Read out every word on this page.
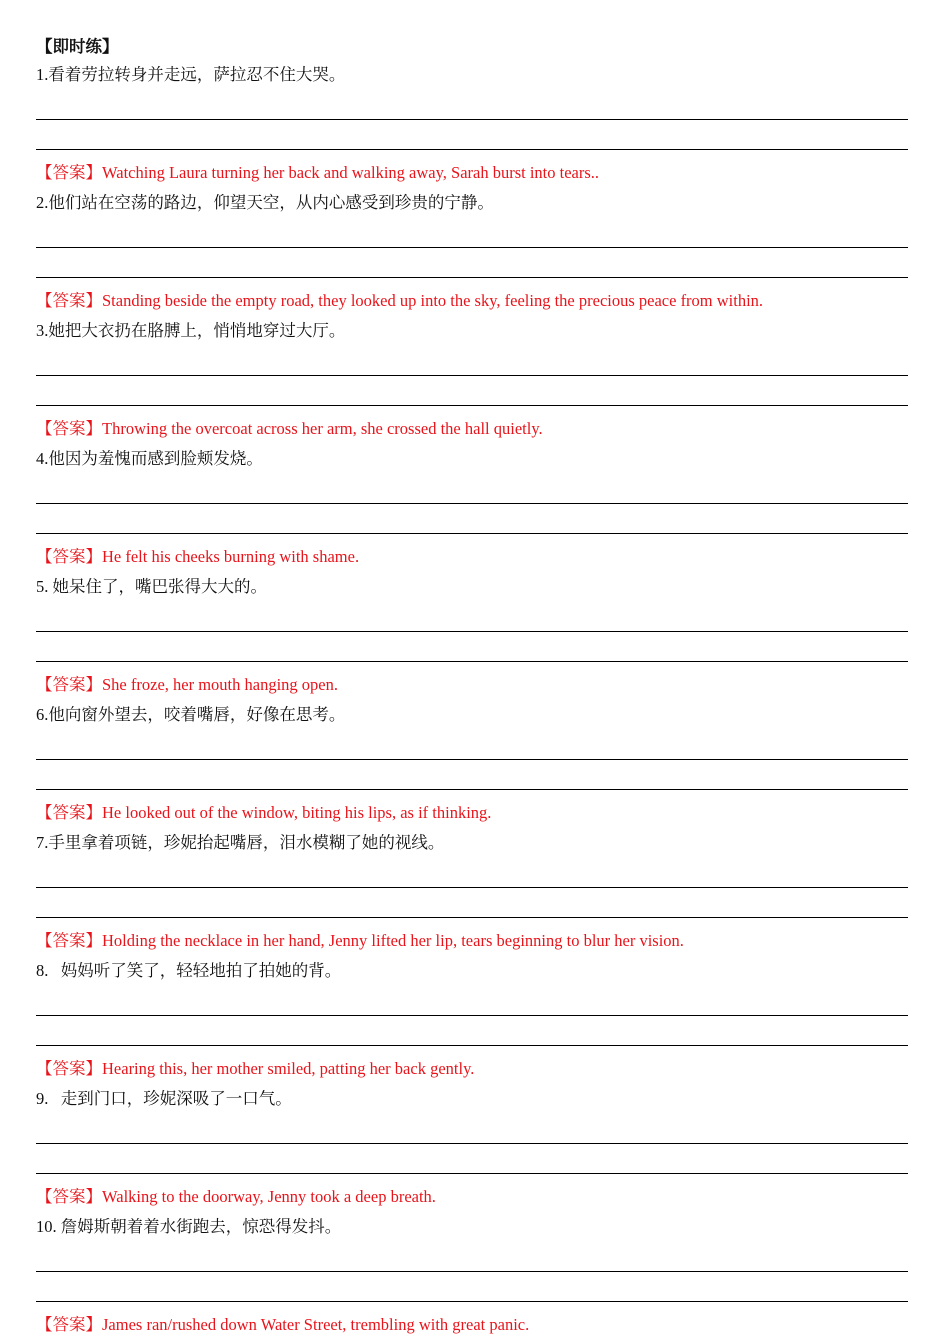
【即时练】
1.看着劳拉转身并走远，萨拉忍不住大哭。
【答案】Watching Laura turning her back and walking away, Sarah burst into tears..
2.他们站在空荡的路边，仰望天空，从内心感受到珍贵的宁静。
【答案】Standing beside the empty road, they looked up into the sky, feeling the precious peace from within.
3.她把大衣扔在胳膊上，悄悄地穿过大厅。
【答案】Throwing the overcoat across her arm, she crossed the hall quietly.
4.他因为羞愧而感到脸颊发烧。
【答案】He felt his cheeks burning with shame.
5. 她呆住了，嘴巴张得大大的。
【答案】She froze, her mouth hanging open.
6.他向窗外望去，咬着嘴唇，好像在思考。
【答案】He looked out of the window, biting his lips, as if thinking.
7.手里拿着项链，珍妮抬起嘴唇，泪水模糊了她的视线。
【答案】Holding the necklace in her hand, Jenny lifted her lip, tears beginning to blur her vision.
8.   妈妈听了笑了，轻轻地拍了拍她的背。
【答案】Hearing this, her mother smiled, patting her back gently.
9.   走到门口，珍妮深吸了一口气。
【答案】Walking to the doorway, Jenny took a deep breath.
10. 詹姆斯朝着着水街跑去，惊恐得发抖。
【答案】James ran/rushed down Water Street, trembling with great panic.
